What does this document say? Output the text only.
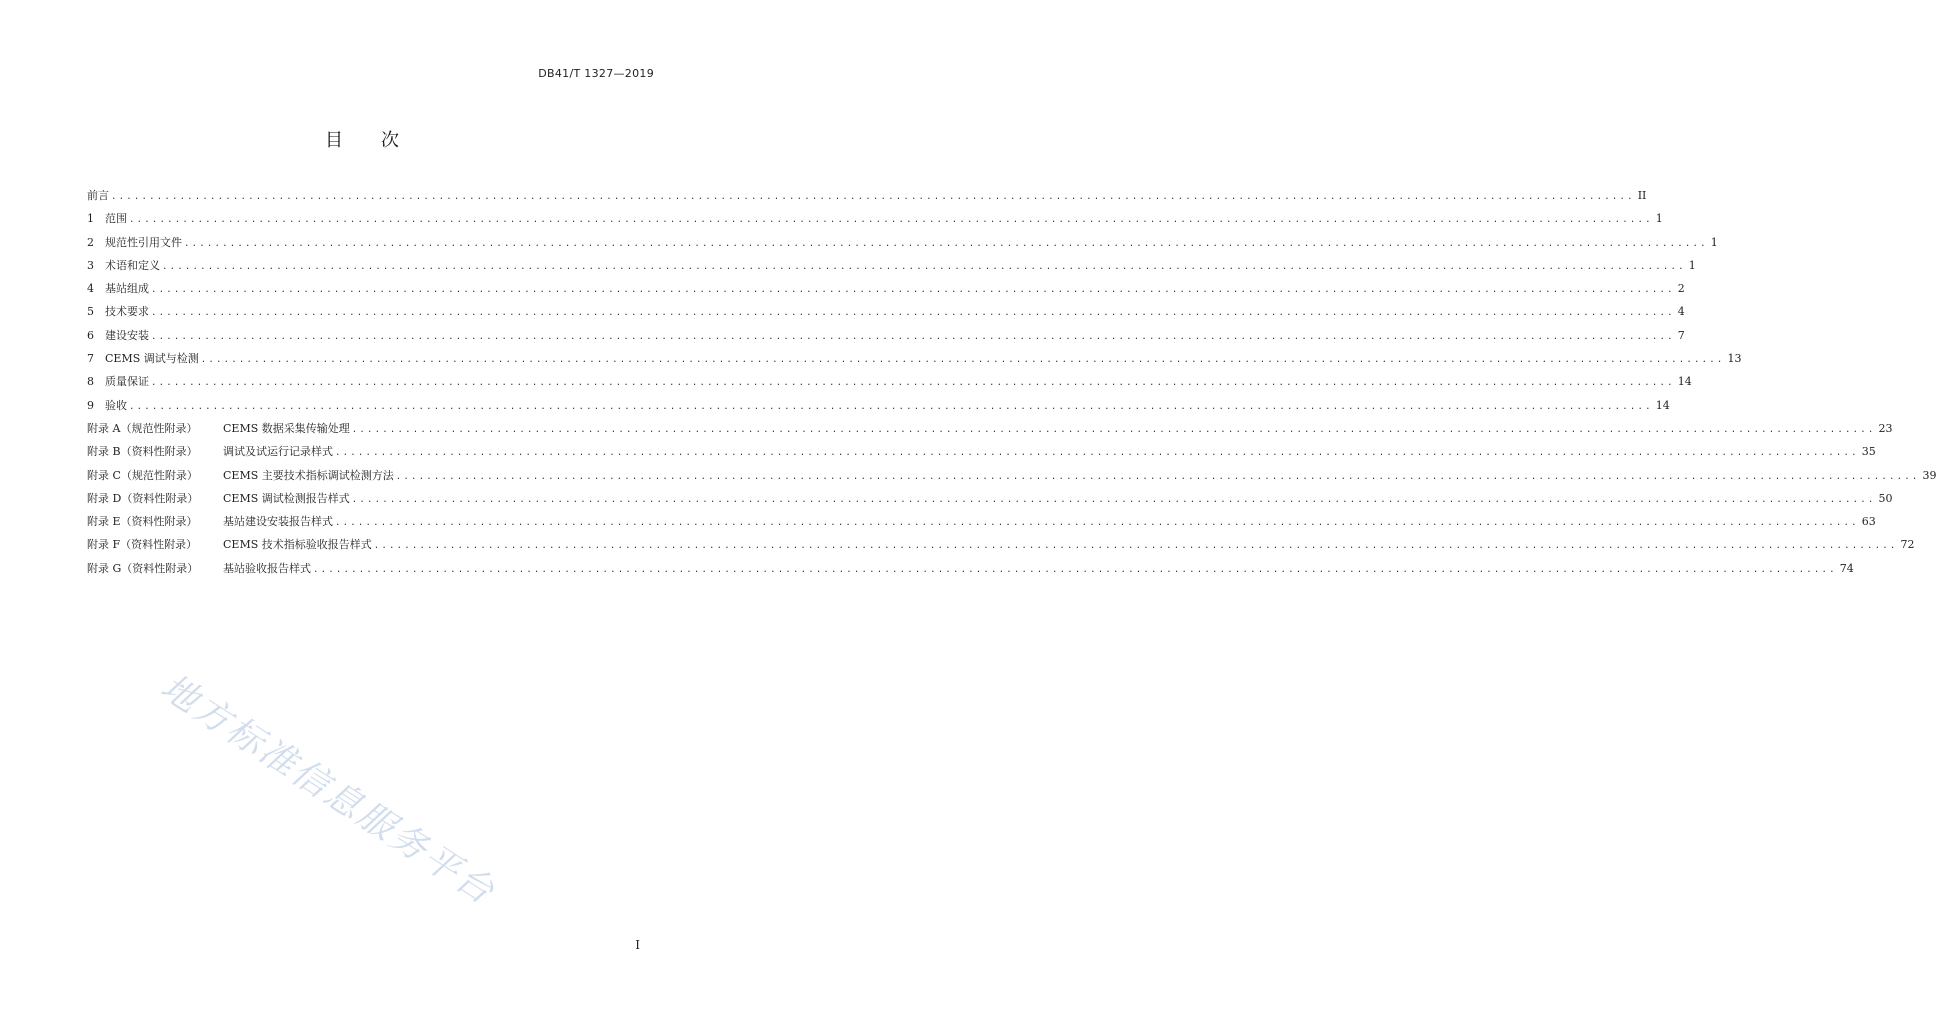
DB41/T 1327—2019
目次
前言 ........................................................................................................................................................................................................ II
1 范围 ........................................................................................................................................................................................................ 1
2 规范性引用文件 ........................................................................................................................................................................................................ 1
3 术语和定义 ........................................................................................................................................................................................................ 1
4 基站组成 ........................................................................................................................................................................................................ 2
5 技术要求 ........................................................................................................................................................................................................ 4
6 建设安装 ........................................................................................................................................................................................................ 7
7 CEMS 调试与检测 ........................................................................................................................................................................................................ 13
8 质量保证 ........................................................................................................................................................................................................ 14
9 验收 ........................................................................................................................................................................................................ 14
附录 A（规范性附录） CEMS 数据采集传输处理 ........................................................................................................................................................................................................ 23
附录 B（资料性附录） 调试及试运行记录样式 ........................................................................................................................................................................................................ 35
附录 C（规范性附录） CEMS 主要技术指标调试检测方法 ........................................................................................................................................................................................................ 39
附录 D（资料性附录） CEMS 调试检测报告样式 ........................................................................................................................................................................................................ 50
附录 E（资料性附录） 基站建设安装报告样式 ........................................................................................................................................................................................................ 63
附录 F（资料性附录） CEMS 技术指标验收报告样式 ........................................................................................................................................................................................................ 72
附录 G（资料性附录） 基站验收报告样式 ........................................................................................................................................................................................................ 74
地方标准信息服务平台
I
